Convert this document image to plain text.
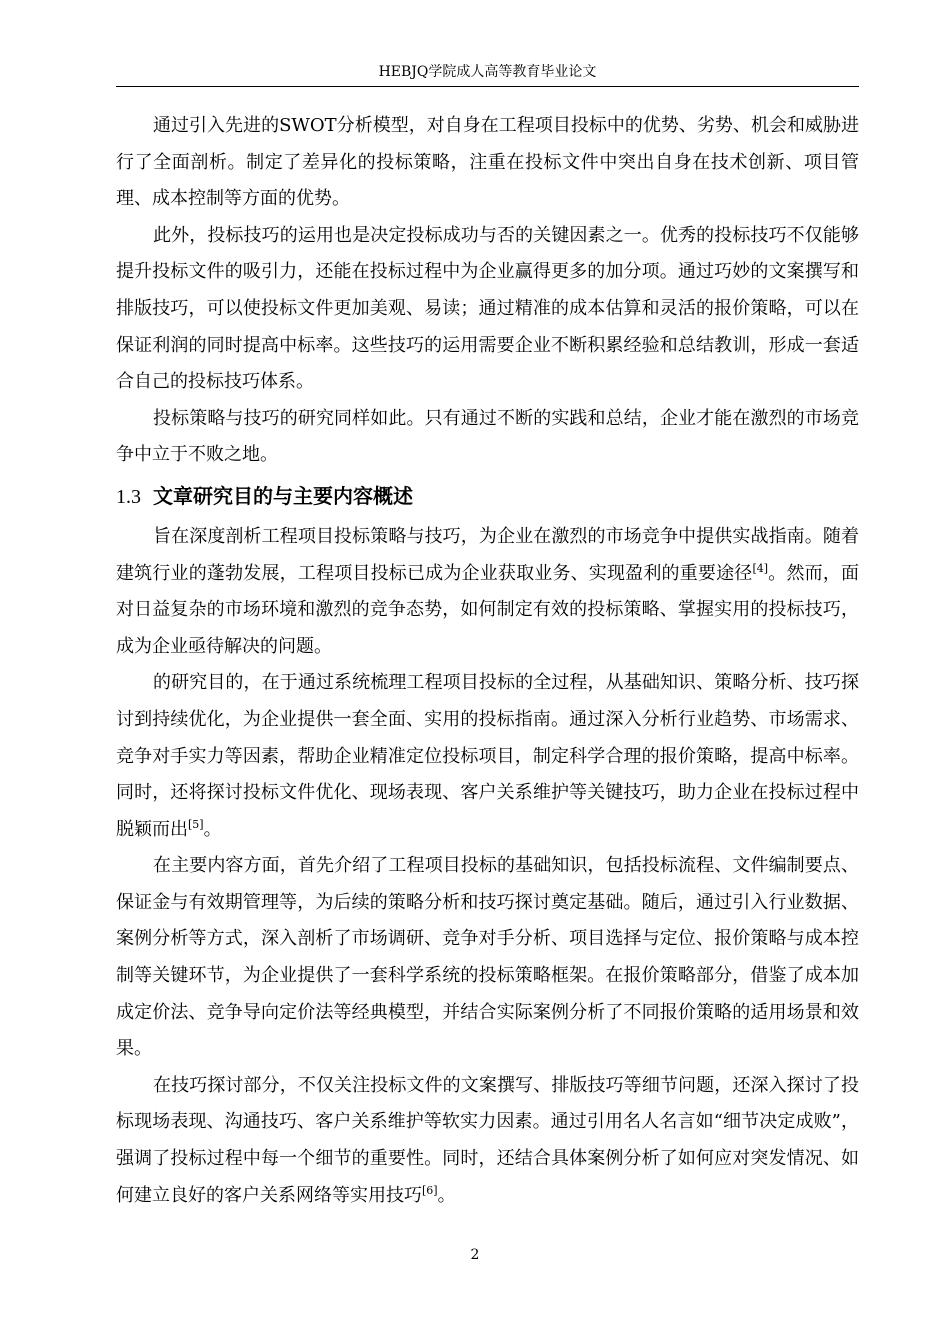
HEBJQ学院成人高等教育毕业论文

通过引入先进的SWOT分析模型，对自身在工程项目投标中的优势、劣势、机会和威胁进行了全面剖析。制定了差异化的投标策略，注重在投标文件中突出自身在技术创新、项目管理、成本控制等方面的优势。

此外，投标技巧的运用也是决定投标成功与否的关键因素之一。优秀的投标技巧不仅能够提升投标文件的吸引力，还能在投标过程中为企业赢得更多的加分项。通过巧妙的文案撰写和排版技巧，可以使投标文件更加美观、易读；通过精准的成本估算和灵活的报价策略，可以在保证利润的同时提高中标率。这些技巧的运用需要企业不断积累经验和总结教训，形成一套适合自己的投标技巧体系。

投标策略与技巧的研究同样如此。只有通过不断的实践和总结，企业才能在激烈的市场竞争中立于不败之地。

1.3 文章研究目的与主要内容概述

旨在深度剖析工程项目投标策略与技巧，为企业在激烈的市场竞争中提供实战指南。随着建筑行业的蓬勃发展，工程项目投标已成为企业获取业务、实现盈利的重要途径[4]。然而，面对日益复杂的市场环境和激烈的竞争态势，如何制定有效的投标策略、掌握实用的投标技巧，成为企业亟待解决的问题。

的研究目的，在于通过系统梳理工程项目投标的全过程，从基础知识、策略分析、技巧探讨到持续优化，为企业提供一套全面、实用的投标指南。通过深入分析行业趋势、市场需求、竞争对手实力等因素，帮助企业精准定位投标项目，制定科学合理的报价策略，提高中标率。同时，还将探讨投标文件优化、现场表现、客户关系维护等关键技巧，助力企业在投标过程中脱颖而出[5]。

在主要内容方面，首先介绍了工程项目投标的基础知识，包括投标流程、文件编制要点、保证金与有效期管理等，为后续的策略分析和技巧探讨奠定基础。随后，通过引入行业数据、案例分析等方式，深入剖析了市场调研、竞争对手分析、项目选择与定位、报价策略与成本控制等关键环节，为企业提供了一套科学系统的投标策略框架。在报价策略部分，借鉴了成本加成定价法、竞争导向定价法等经典模型，并结合实际案例分析了不同报价策略的适用场景和效果。

在技巧探讨部分，不仅关注投标文件的文案撰写、排版技巧等细节问题，还深入探讨了投标现场表现、沟通技巧、客户关系维护等软实力因素。通过引用名人名言如“细节决定成败”，强调了投标过程中每一个细节的重要性。同时，还结合具体案例分析了如何应对突发情况、如何建立良好的客户关系网络等实用技巧[6]。

2
